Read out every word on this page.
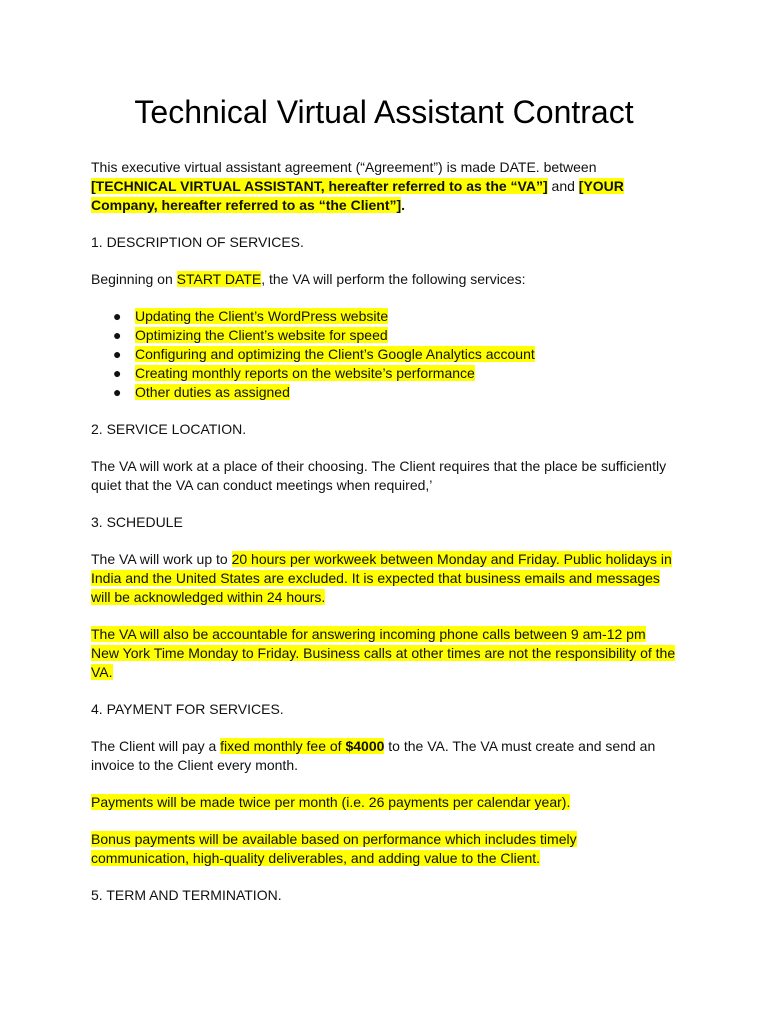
Technical Virtual Assistant Contract

This executive virtual assistant agreement (“Agreement”) is made DATE. between [TECHNICAL VIRTUAL ASSISTANT, hereafter referred to as the “VA”] and [YOUR Company, hereafter referred to as “the Client”].

1. DESCRIPTION OF SERVICES.

Beginning on START DATE, the VA will perform the following services:

● Updating the Client’s WordPress website
● Optimizing the Client’s website for speed
● Configuring and optimizing the Client’s Google Analytics account
● Creating monthly reports on the website’s performance
● Other duties as assigned

2. SERVICE LOCATION.

The VA will work at a place of their choosing. The Client requires that the place be sufficiently quiet that the VA can conduct meetings when required,’

3. SCHEDULE

The VA will work up to 20 hours per workweek between Monday and Friday. Public holidays in India and the United States are excluded. It is expected that business emails and messages will be acknowledged within 24 hours.

The VA will also be accountable for answering incoming phone calls between 9 am-12 pm New York Time Monday to Friday. Business calls at other times are not the responsibility of the VA.

4. PAYMENT FOR SERVICES.

The Client will pay a fixed monthly fee of $4000 to the VA. The VA must create and send an invoice to the Client every month.

Payments will be made twice per month (i.e. 26 payments per calendar year).

Bonus payments will be available based on performance which includes timely communication, high-quality deliverables, and adding value to the Client.

5. TERM AND TERMINATION.
